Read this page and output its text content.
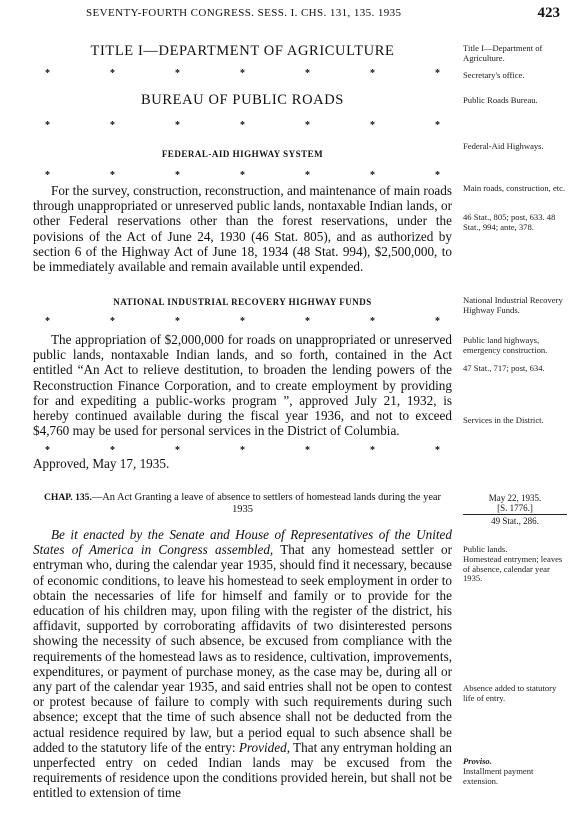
SEVENTY-FOURTH CONGRESS. SESS. I. CHS. 131, 135. 1935	423
TITLE I—DEPARTMENT OF AGRICULTURE	Title I—Department of Agriculture.
*	*	*	*	*	*	*	Secretary's office.
BUREAU OF PUBLIC ROADS	Public Roads Bureau.
*	*	*	*	*	*	*
FEDERAL-AID HIGHWAY SYSTEM
Federal-Aid Highways.
*	*	*	*	*	*	*

For the survey, construction, reconstruction, and maintenance of main roads through unappropriated or unreserved public lands, nontaxable Indian lands, or other Federal reservations other than the forest reservations, under the povisions of the Act of June 24, 1930 (46 Stat. 805), and as authorized by section 6 of the Highway Act of June 18, 1934 (48 Stat. 994), $2,500,000, to be immediately available and remain available until expended.

Main roads, construction, etc.
46 Stat., 805; post, 633. 48 Stat., 994; ante, 378.
NATIONAL INDUSTRIAL RECOVERY HIGHWAY FUNDS	National Industrial Recovery Highway Funds.
*	*	*	*	*	*	*

The appropriation of $2,000,000 for roads on unappropriated or unreserved public lands, nontaxable Indian lands, and so forth, contained in the Act entitled “An Act to relieve destitution, to broaden the lending powers of the Reconstruction Finance Corporation, and to create employment by providing for and expediting a public-works program ”, approved July 21, 1932, is hereby continued available during the fiscal year 1936, and not to exceed $4,760 may be used for personal services in the District of Columbia.

Public land highways, emergency construction.
47 Stat., 717; post, 634.
Services in the District.
*	*	*	*	*	*	*
Approved, May 17, 1935.
CHAP. 135.—An Act Granting a leave of absence to settlers of homestead lands during the year 1935
May 22, 1935.
[S. 1776.]
49 Stat., 286.

Be it enacted by the Senate and House of Representatives of the United States of America in Congress assembled, That any homestead settler or entryman who, during the calendar year 1935, should find it necessary, because of economic conditions, to leave his homestead to seek employment in order to obtain the necessaries of life for himself and family or to provide for the education of his children may, upon filing with the register of the district, his affidavit, supported by corroborating affidavits of two disinterested persons showing the necessity of such absence, be excused from compliance with the requirements of the homestead laws as to residence, cultivation, improvements, expenditures, or payment of purchase money, as the case may be, during all or any part of the calendar year 1935, and said entries shall not be open to contest or protest because of failure to comply with such requirements during such absence; except that the time of such absence shall not be deducted from the actual residence required by law, but a period equal to such absence shall be added to the statutory life of the entry: Provided, That any entryman holding an unperfected entry on ceded Indian lands may be excused from the requirements of residence upon the conditions provided herein, but shall not be entitled to extension of time

Public lands.
Homestead entrymen; leaves of absence, calendar year 1935.
Absence added to statutory life of entry.
Proviso.
Installment payment extension.
